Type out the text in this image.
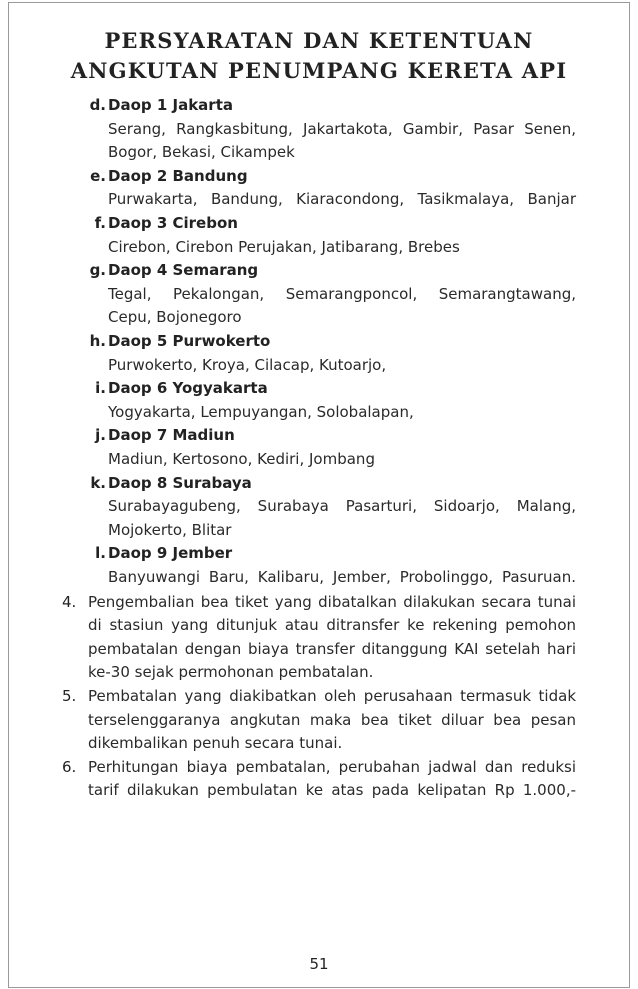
PERSYARATAN DAN KETENTUAN
ANGKUTAN PENUMPANG KERETA API
d. Daop 1 Jakarta
Serang, Rangkasbitung, Jakartakota, Gambir, Pasar Senen,
Bogor, Bekasi, Cikampek
e. Daop 2 Bandung
Purwakarta, Bandung, Kiaracondong, Tasikmalaya, Banjar
f. Daop 3 Cirebon
Cirebon, Cirebon Perujakan, Jatibarang, Brebes
g. Daop 4 Semarang
Tegal, Pekalongan, Semarangponcol, Semarangtawang,
Cepu, Bojonegoro
h. Daop 5 Purwokerto
Purwokerto, Kroya, Cilacap, Kutoarjo,
i. Daop 6 Yogyakarta
Yogyakarta, Lempuyangan, Solobalapan,
j. Daop 7 Madiun
Madiun, Kertosono, Kediri, Jombang
k. Daop 8 Surabaya
Surabayagubeng, Surabaya Pasarturi, Sidoarjo, Malang,
Mojokerto, Blitar
l. Daop 9 Jember
Banyuwangi Baru, Kalibaru, Jember, Probolinggo, Pasuruan.
4. Pengembalian bea tiket yang dibatalkan dilakukan secara tunai
di stasiun yang ditunjuk atau ditransfer ke rekening pemohon
pembatalan dengan biaya transfer ditanggung KAI setelah hari
ke-30 sejak permohonan pembatalan.
5. Pembatalan yang diakibatkan oleh perusahaan termasuk tidak
terselenggaranya angkutan maka bea tiket diluar bea pesan
dikembalikan penuh secara tunai.
6. Perhitungan biaya pembatalan, perubahan jadwal dan reduksi
tarif dilakukan pembulatan ke atas pada kelipatan Rp 1.000,-
51
